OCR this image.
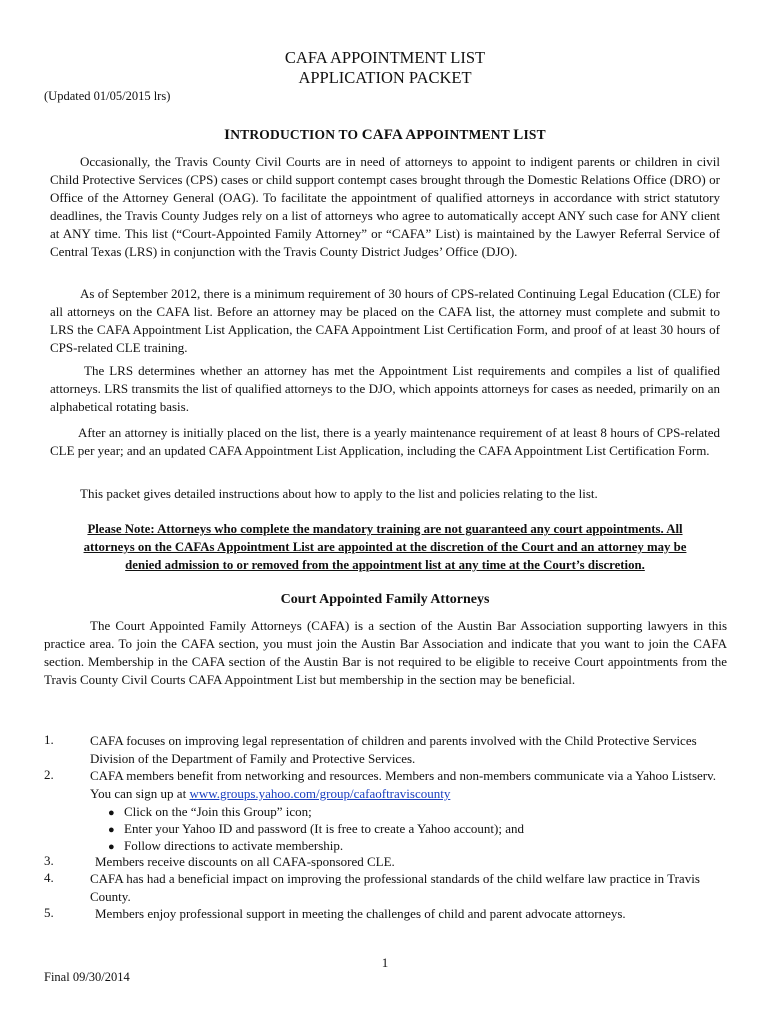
CAFA APPOINTMENT LIST
APPLICATION PACKET
(Updated 01/05/2015 lrs)
INTRODUCTION TO CAFA APPOINTMENT LIST
Occasionally, the Travis County Civil Courts are in need of attorneys to appoint to indigent parents or children in civil Child Protective Services (CPS) cases or child support contempt cases brought through the Domestic Relations Office (DRO) or Office of the Attorney General (OAG). To facilitate the appointment of qualified attorneys in accordance with strict statutory deadlines, the Travis County Judges rely on a list of attorneys who agree to automatically accept ANY such case for ANY client at ANY time. This list (“Court-Appointed Family Attorney” or “CAFA” List) is maintained by the Lawyer Referral Service of Central Texas (LRS) in conjunction with the Travis County District Judges’ Office (DJO).
As of September 2012, there is a minimum requirement of 30 hours of CPS-related Continuing Legal Education (CLE) for all attorneys on the CAFA list. Before an attorney may be placed on the CAFA list, the attorney must complete and submit to LRS the CAFA Appointment List Application, the CAFA Appointment List Certification Form, and proof of at least 30 hours of CPS-related CLE training.
The LRS determines whether an attorney has met the Appointment List requirements and compiles a list of qualified attorneys. LRS transmits the list of qualified attorneys to the DJO, which appoints attorneys for cases as needed, primarily on an alphabetical rotating basis.
After an attorney is initially placed on the list, there is a yearly maintenance requirement of at least 8 hours of CPS-related CLE per year; and an updated CAFA Appointment List Application, including the CAFA Appointment List Certification Form.
This packet gives detailed instructions about how to apply to the list and policies relating to the list.
Please Note: Attorneys who complete the mandatory training are not guaranteed any court appointments. All
attorneys on the CAFAs Appointment List are appointed at the discretion of the Court and an attorney may be
denied admission to or removed from the appointment list at any time at the Court’s discretion.
Court Appointed Family Attorneys
The Court Appointed Family Attorneys (CAFA) is a section of the Austin Bar Association supporting lawyers in this practice area. To join the CAFA section, you must join the Austin Bar Association and indicate that you want to join the CAFA section. Membership in the CAFA section of the Austin Bar is not required to be eligible to receive Court appointments from the Travis County Civil Courts CAFA Appointment List but membership in the section may be beneficial.
1.	CAFA focuses on improving legal representation of children and parents involved with the Child Protective Services Division of the Department of Family and Protective Services.
2.	CAFA members benefit from networking and resources. Members and non-members communicate via a Yahoo Listserv. You can sign up at www.groups.yahoo.com/group/cafaoftraviscounty
● Click on the “Join this Group” icon;
● Enter your Yahoo ID and password (It is free to create a Yahoo account); and
● Follow directions to activate membership.
3.	Members receive discounts on all CAFA-sponsored CLE.
4.	CAFA has had a beneficial impact on improving the professional standards of the child welfare law practice in Travis County.
5.	Members enjoy professional support in meeting the challenges of child and parent advocate attorneys.
1
Final 09/30/2014
